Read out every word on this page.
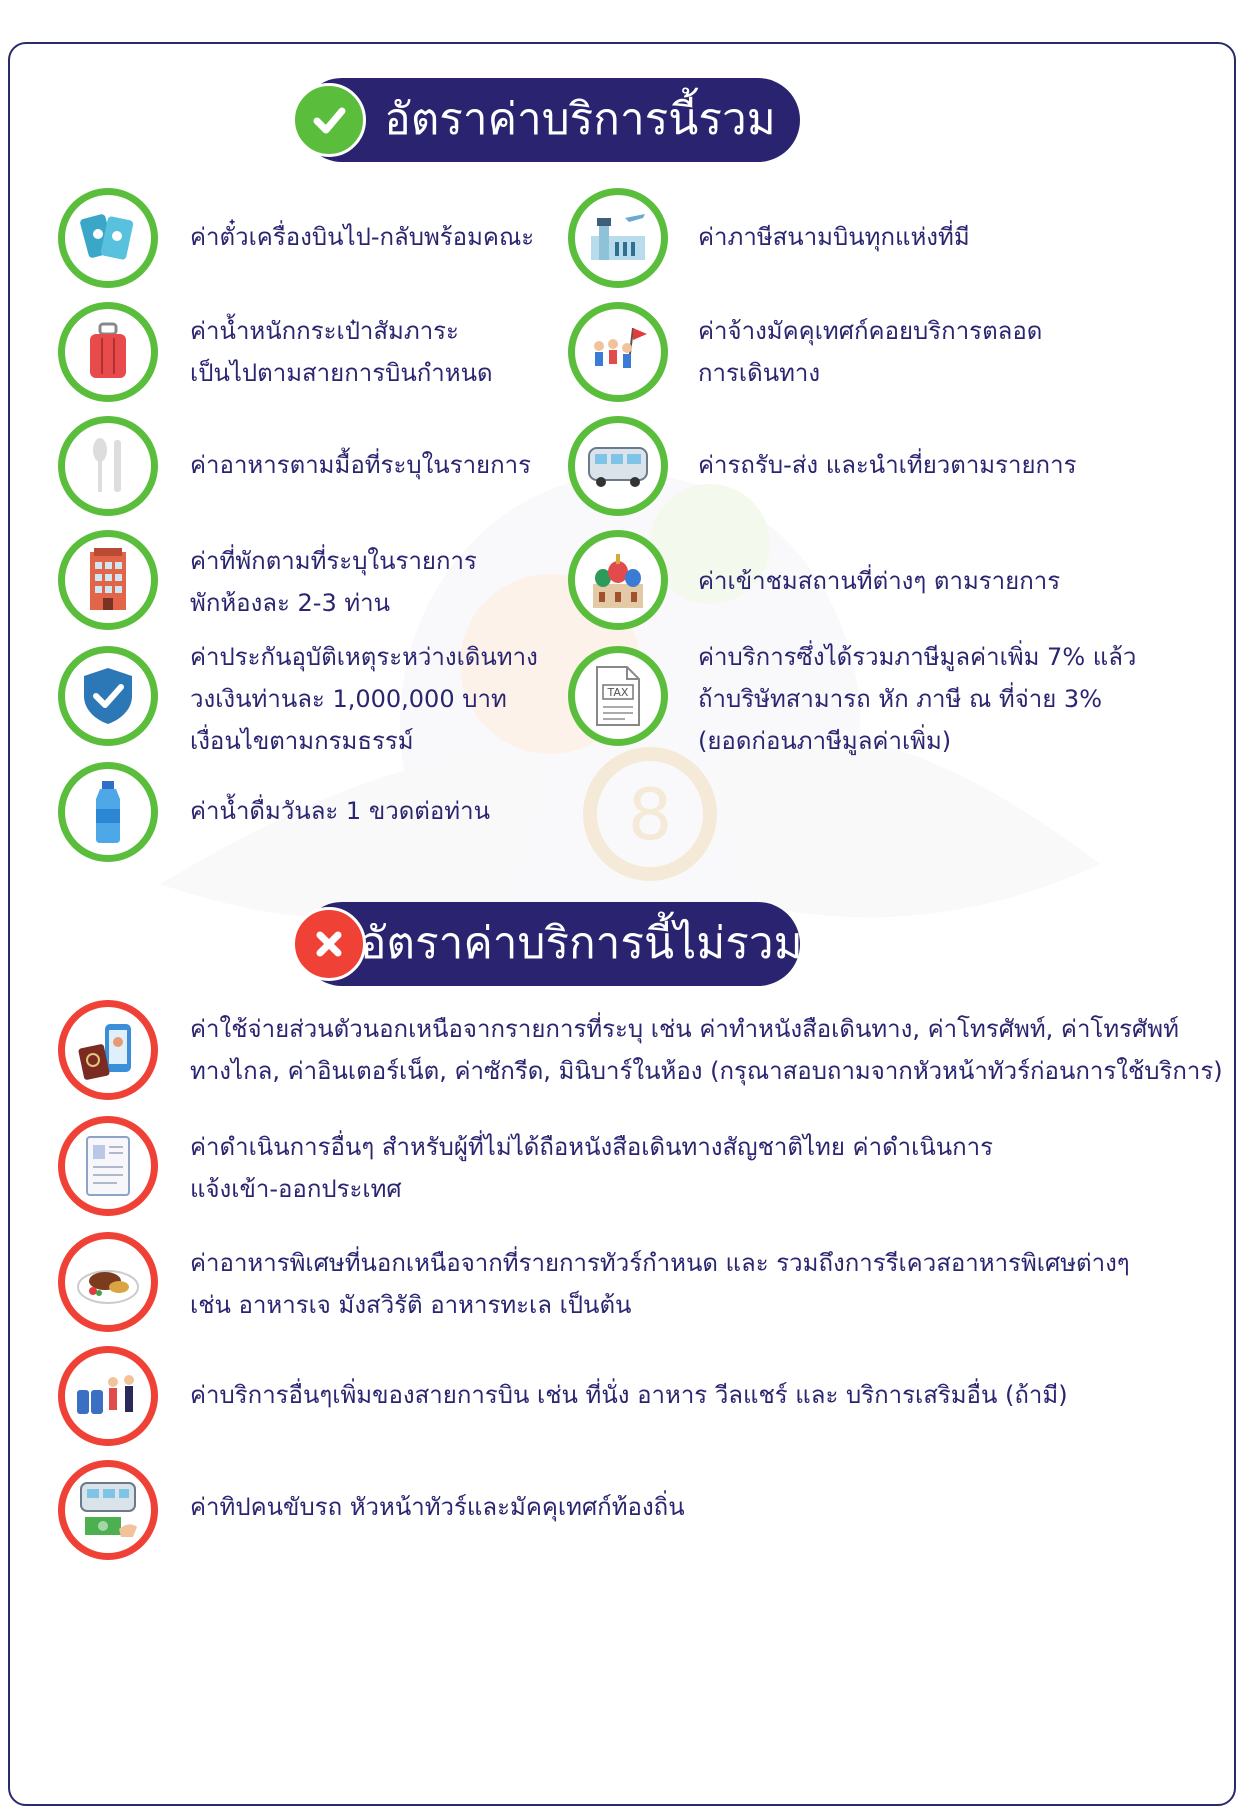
8
อัตราค่าบริการนี้รวม
ค่าตั๋วเครื่องบินไป-กลับพร้อมคณะ
ค่าน้ำหนักกระเป๋าสัมภาระ
เป็นไปตามสายการบินกำหนด
ค่าอาหารตามมื้อที่ระบุในรายการ
ค่าที่พักตามที่ระบุในรายการ
พักห้องละ 2-3 ท่าน
ค่าประกันอุบัติเหตุระหว่างเดินทาง
วงเงินท่านละ 1,000,000 บาท
เงื่อนไขตามกรมธรรม์
ค่าน้ำดื่มวันละ 1 ขวดต่อท่าน
ค่าภาษีสนามบินทุกแห่งที่มี
ค่าจ้างมัคคุเทศก์คอยบริการตลอด
การเดินทาง
ค่ารถรับ-ส่ง และนำเที่ยวตามรายการ
ค่าเข้าชมสถานที่ต่างๆ ตามรายการ
TAX
ค่าบริการซึ่งได้รวมภาษีมูลค่าเพิ่ม 7% แล้ว
ถ้าบริษัทสามารถ หัก ภาษี ณ ที่จ่าย 3%
(ยอดก่อนภาษีมูลค่าเพิ่ม)
อัตราค่าบริการนี้ไม่รวม
ค่าใช้จ่ายส่วนตัวนอกเหนือจากรายการที่ระบุ เช่น ค่าทำหนังสือเดินทาง, ค่าโทรศัพท์, ค่าโทรศัพท์
ทางไกล, ค่าอินเตอร์เน็ต, ค่าซักรีด, มินิบาร์ในห้อง (กรุณาสอบถามจากหัวหน้าทัวร์ก่อนการใช้บริการ)
ค่าดำเนินการอื่นๆ สำหรับผู้ที่ไม่ได้ถือหนังสือเดินทางสัญชาติไทย ค่าดำเนินการ
แจ้งเข้า-ออกประเทศ
ค่าอาหารพิเศษที่นอกเหนือจากที่รายการทัวร์กำหนด และ รวมถึงการรีเควสอาหารพิเศษต่างๆ
เช่น อาหารเจ มังสวิรัติ อาหารทะเล เป็นต้น
ค่าบริการอื่นๆเพิ่มของสายการบิน เช่น ที่นั่ง อาหาร วีลแชร์ และ บริการเสริมอื่น (ถ้ามี)
ค่าทิปคนขับรถ หัวหน้าทัวร์และมัคคุเทศก์ท้องถิ่น
